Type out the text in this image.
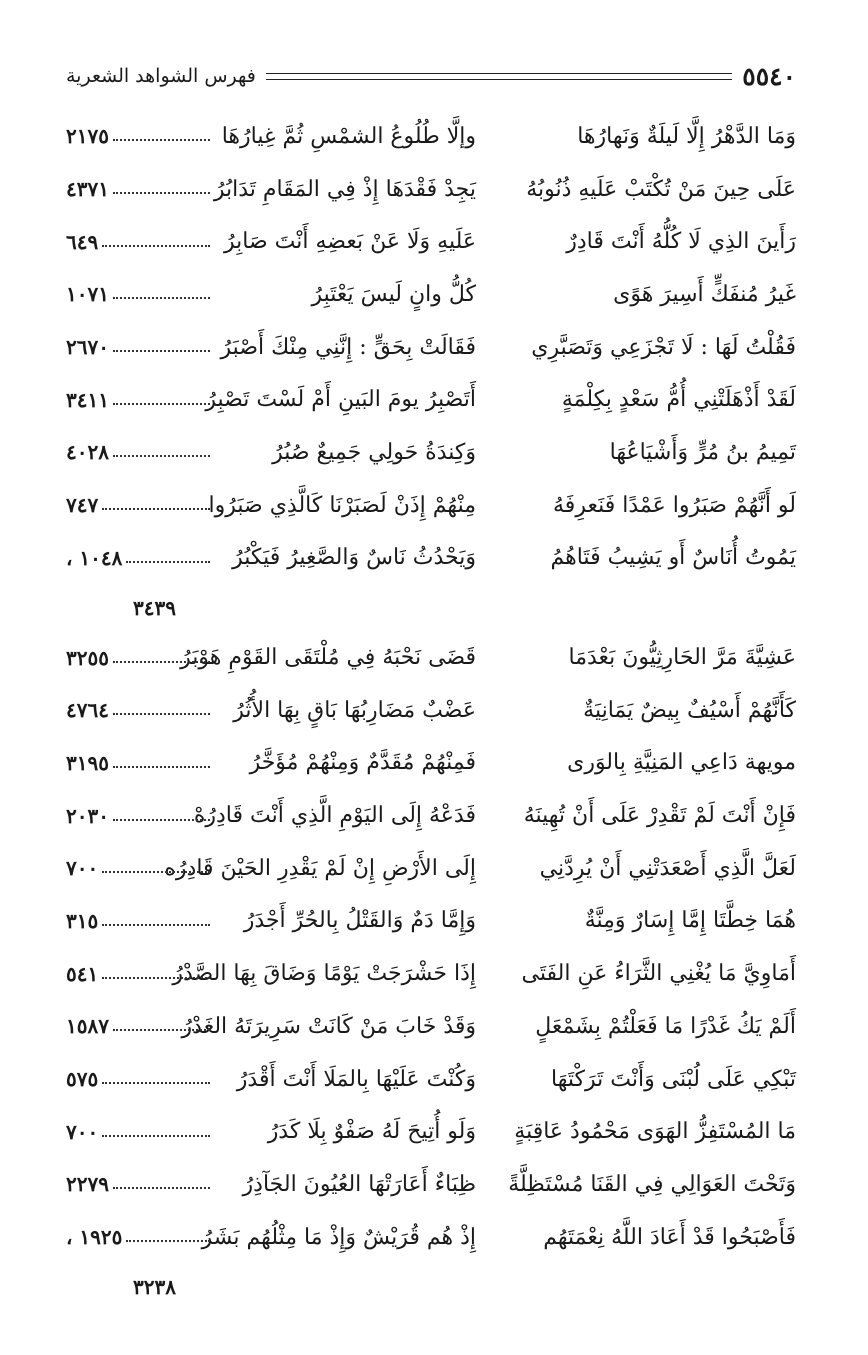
٥٥٤٠
فهرس الشواهد الشعرية
وَمَا الدَّهْرُ إِلَّا لَيلَةٌ وَنَهارُهَا
وإلَّا طُلُوعُ الشمْسِ ثُمَّ غِيارُهَا
٢١٧٥
عَلَى حِينَ مَنْ تُكْتَبْ عَلَيهِ ذُنُوبُهُ
يَجِدْ فَقْدَهَا إِذْ فِي المَقَامِ تَدَابُرُ
٤٣٧١
رَأَينَ الذِي لَا كُلُّهُ أَنْتَ قَادِرٌ
عَلَيهِ وَلَا عَنْ بَعضِهِ أَنْتَ صَابِرُ
٦٤٩
غَيرُ مُنفَكٍّ أَسِيرَ هَوًى
كُلُّ وانٍ لَيسَ يَعْتَبِرُ
١٠٧١
فَقُلْتُ لَهَا : لَا تَجْزَعِي وَتَصَبَّرِي
فَقَالَتْ بِحَقٍّ : إِنَّنِي مِنْكَ أَصْبَرُ
٢٦٧٠
لَقَدْ أَذْهَلَتْنِي أُمُّ سَعْدٍ بِكِلْمَةٍ
أَتَصْبِرُ يومَ البَينِ أَمْ لَسْتَ تَصْبِرُ
٣٤١١
تَمِيمُ بنُ مُرٍّ وَأَشْيَاعُهَا
وَكِندَةُ حَولِي جَمِيعٌ صُبُرُ
٤٠٢٨
لَو أَنَّهُمْ صَبَرُوا عَمْدًا فَنَعرِفَهُ
مِنْهُمْ إِذَنْ لَصَبَرْنَا كَالَّذِي صَبَرُوا
٧٤٧
يَمُوتُ أُنَاسٌ أَو يَشِيبُ فَتَاهُمُ
وَيَحْدُثُ نَاسٌ وَالصَّغِيرُ فَيَكْبُرُ
١٠٤٨ ،
٣٤٣٩
عَشِيَّةَ مَرَّ الحَارِثِيُّونَ بَعْدَمَا
قَضَى نَحْبَهُ فِي مُلْتَقَى القَوْمِ هَوْبَرُ
٣٢٥٥
كَأَنَّهُمْ أَسْيُفٌ بِيضٌ يَمَانِيَةٌ
عَضْبٌ مَضَارِبُهَا بَاقٍ بِهَا الأُثُرُ
٤٧٦٤
مويهة دَاعِي المَنِيَّةِ بِالوَرى
فَمِنْهُمْ مُقَدَّمٌ وَمِنْهُمْ مُؤَخَّرُ
٣١٩٥
فَإِنْ أَنْتَ لَمْ تَقْدِرْ عَلَى أَنْ تُهِينَهُ
فَدَعْهُ إِلَى اليَوْمِ الَّذِي أَنْتَ قَادِرُهْ
٢٠٣٠
لَعَلَّ الَّذِي أَصْعَدَتْنِي أَنْ يُرِدَّنِي
إِلَى الأَرْضِ إِنْ لَمْ يَقْدِرِ الحَيْنَ قَادِرُه
٧٠٠
هُمَا خِطَّتَا إِمَّا إِسَارٌ وَمِنَّةٌ
وَإِمَّا دَمٌ وَالقَتْلُ بِالحُرِّ أَجْدَرُ
٣١٥
أَمَاوِيَّ مَا يُغْنِي الثَّرَاءُ عَنِ الفَتَى
إِذَا حَشْرَجَتْ يَوْمًا وَضَاقَ بِهَا الصَّدْرُ
٥٤١
أَلَمْ يَكُ غَدْرًا مَا فَعَلْتُمْ بِشَمْعَلٍ
وَقَدْ خَابَ مَنْ كَانَتْ سَرِيرَتَهُ الغَدْرُ
١٥٨٧
تَبْكِي عَلَى لُبْنَى وَأَنْتَ تَرَكْتَهَا
وَكُنْتَ عَلَيْهَا بِالمَلَا أَنْتَ أَقْدَرُ
٥٧٥
مَا المُسْتَفِزُّ الهَوَى مَحْمُودُ عَاقِبَةٍ
وَلَو أُتِيحَ لَهُ صَفْوٌ بِلَا كَدَرُ
٧٠٠
وَتَحْتَ العَوَالِي فِي القَنَا مُسْتَظِلَّةً
ظِبَاءٌ أَعَارَتْهَا العُيُونَ الجَآذِرُ
٢٢٧٩
فَأَصْبَحُوا قَدْ أَعَادَ اللَّهُ نِعْمَتَهُم
إِذْ هُم قُرَيْشٌ وَإِذْ مَا مِثْلُهُم بَشَرُ
١٩٢٥ ،
٣٢٣٨
